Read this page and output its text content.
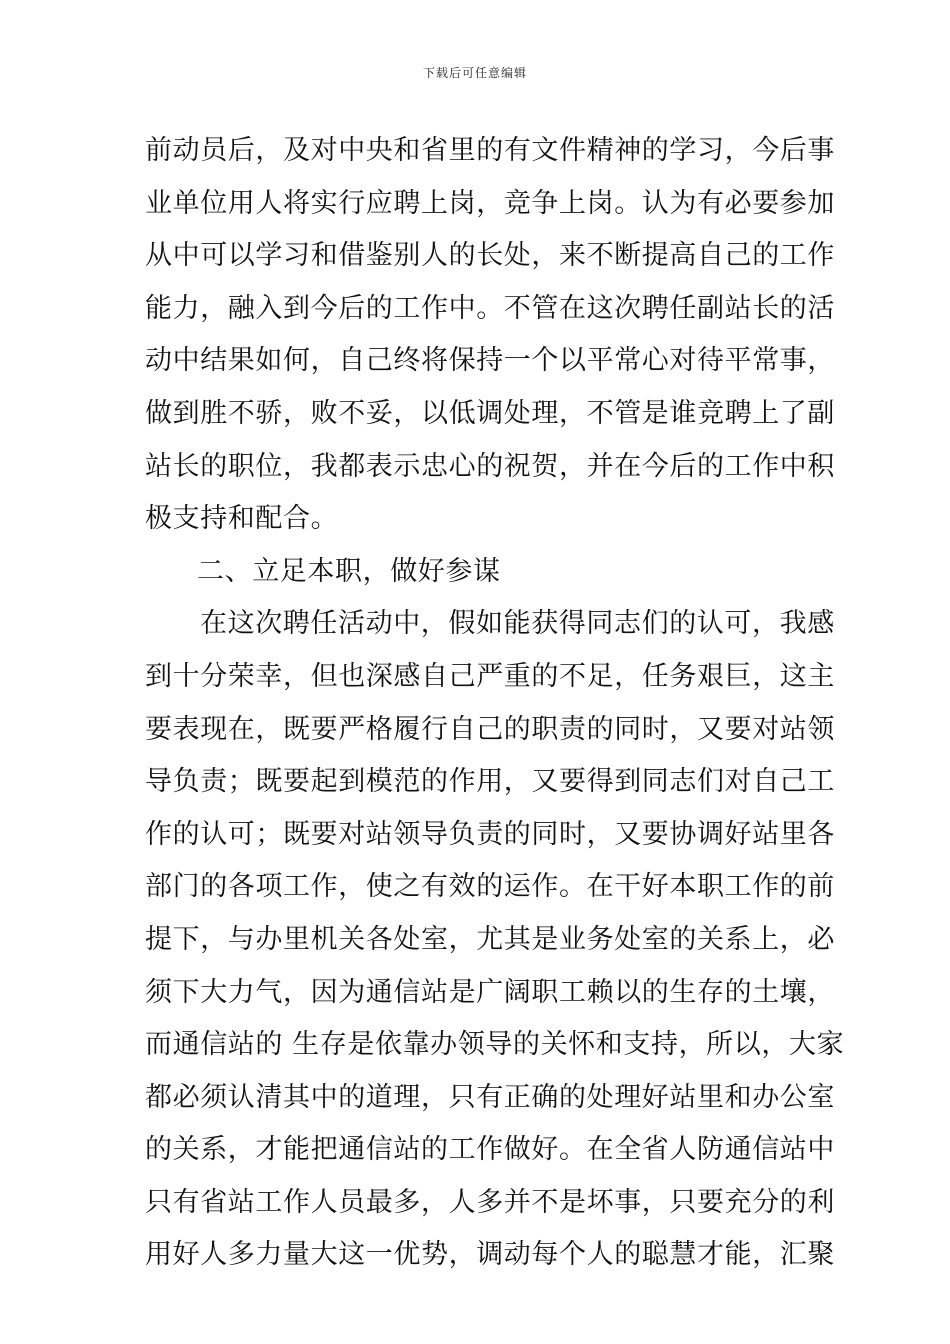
下载后可任意编辑
前动员后，及对中央和省里的有文件精神的学习，今后事
业单位用人将实行应聘上岗，竞争上岗。认为有必要参加
从中可以学习和借鉴别人的长处，来不断提高自己的工作
能力，融入到今后的工作中。不管在这次聘任副站长的活
动中结果如何，自己终将保持一个以平常心对待平常事，
做到胜不骄，败不妥，以低调处理，不管是谁竞聘上了副
站长的职位，我都表示忠心的祝贺，并在今后的工作中积
极支持和配合。
二、立足本职，做好参谋
在这次聘任活动中，假如能获得同志们的认可，我感
到十分荣幸，但也深感自己严重的不足，任务艰巨，这主
要表现在，既要严格履行自己的职责的同时，又要对站领
导负责；既要起到模范的作用，又要得到同志们对自己工
作的认可；既要对站领导负责的同时，又要协调好站里各
部门的各项工作，使之有效的运作。在干好本职工作的前
提下，与办里机关各处室，尤其是业务处室的关系上，必
须下大力气，因为通信站是广阔职工赖以的生存的土壤，
而通信站的 生存是依靠办领导的关怀和支持，所以，大家
都必须认清其中的道理，只有正确的处理好站里和办公室
的关系，才能把通信站的工作做好。在全省人防通信站中
只有省站工作人员最多，人多并不是坏事，只要充分的利
用好人多力量大这一优势，调动每个人的聪慧才能，汇聚
